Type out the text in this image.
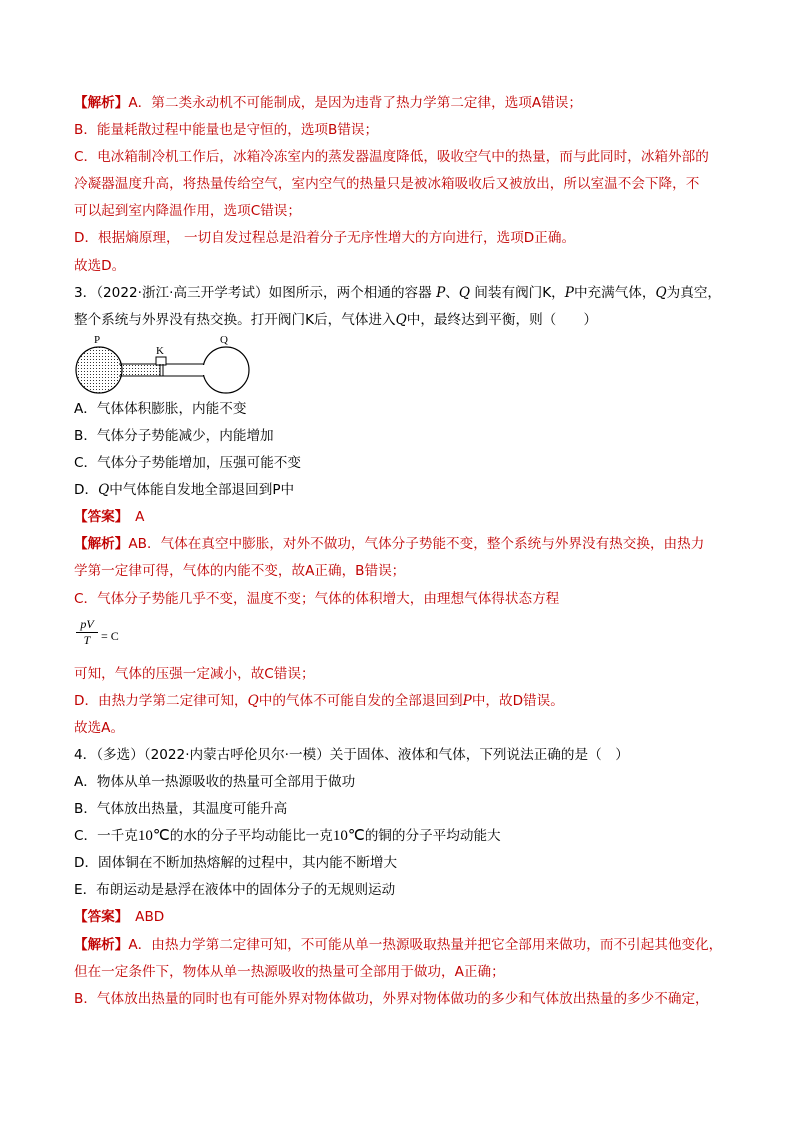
【解析】A．第二类永动机不可能制成，是因为违背了热力学第二定律，选项A错误；

B．能量耗散过程中能量也是守恒的，选项B错误；

C．电冰箱制冷机工作后，冰箱冷冻室内的蒸发器温度降低，吸收空气中的热量，而与此同时，冰箱外部的

冷凝器温度升高，将热量传给空气，室内空气的热量只是被冰箱吸收后又被放出，所以室温不会下降，不

可以起到室内降温作用，选项C错误；

D．根据熵原理， 一切自发过程总是沿着分子无序性增大的方向进行，选项D正确。

故选D。

3．（2022·浙江·高三开学考试）如图所示，两个相通的容器 P、Q 间装有阀门K，P中充满气体，Q为真空，

整个系统与外界没有热交换。打开阀门K后，气体进入Q中，最终达到平衡，则（　　）

P
K
Q

A．气体体积膨胀，内能不变

B．气体分子势能减少，内能增加

C．气体分子势能增加，压强可能不变

D．Q中气体能自发地全部退回到P中

【答案】　A

【解析】AB．气体在真空中膨胀，对外不做功，气体分子势能不变，整个系统与外界没有热交换，由热力

学第一定律可得，气体的内能不变，故A正确，B错误；

C．气体分子势能几乎不变，温度不变；气体的体积增大，由理想气体得状态方程

pV
T = C

可知，气体的压强一定减小，故C错误；

D．由热力学第二定律可知，Q中的气体不可能自发的全部退回到P中，故D错误。

故选A。

4．（多选）（2022·内蒙古呼伦贝尔·一模）关于固体、液体和气体，下列说法正确的是（　）

A．物体从单一热源吸收的热量可全部用于做功

B．气体放出热量，其温度可能升高

C．一千克10℃的水的分子平均动能比一克10℃的铜的分子平均动能大

D．固体铜在不断加热熔解的过程中，其内能不断增大

E．布朗运动是悬浮在液体中的固体分子的无规则运动

【答案】　ABD

【解析】A．由热力学第二定律可知，不可能从单一热源吸取热量并把它全部用来做功，而不引起其他变化，

但在一定条件下，物体从单一热源吸收的热量可全部用于做功，A正确；

B．气体放出热量的同时也有可能外界对物体做功，外界对物体做功的多少和气体放出热量的多少不确定，
